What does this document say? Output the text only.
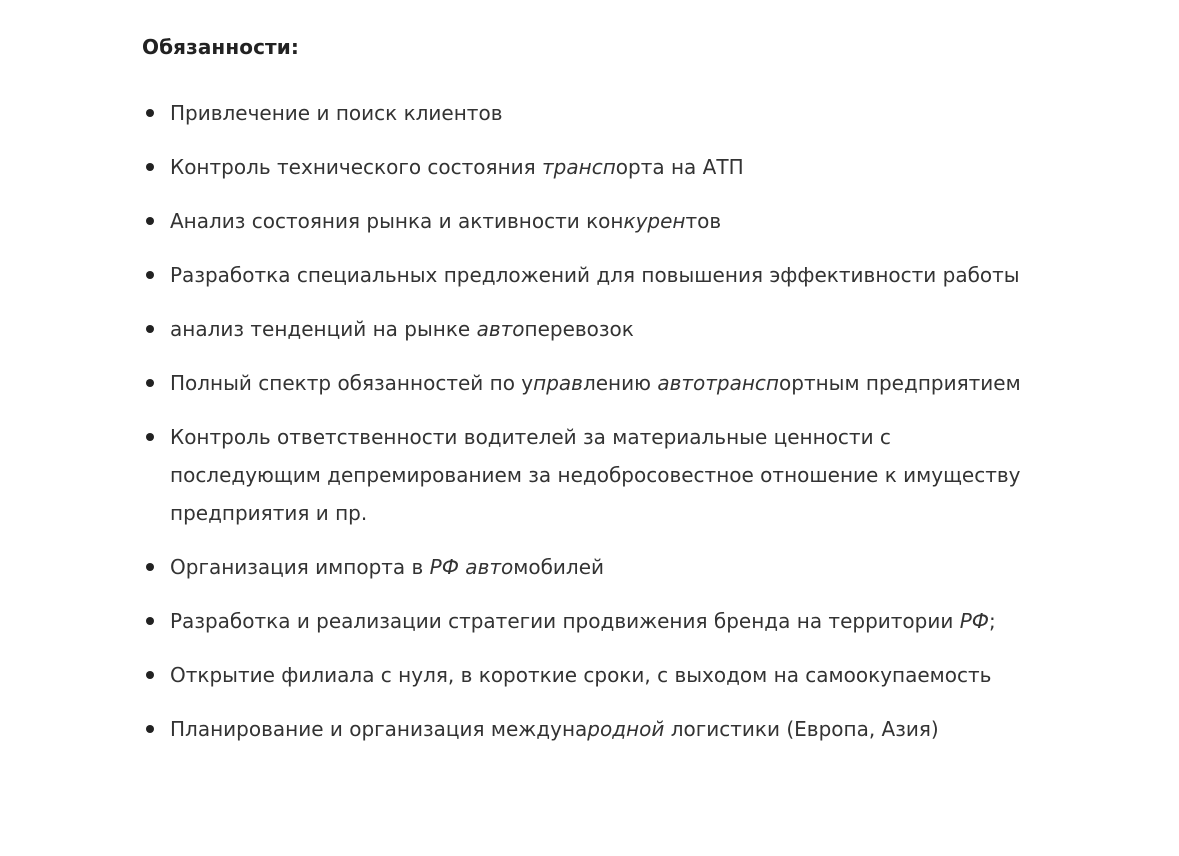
Обязанности:
Привлечение и поиск клиентов
Контроль технического состояния транспорта на АТП
Анализ состояния рынка и активности конкурентов
Разработка специальных предложений для повышения эффективности работы
анализ тенденций на рынке автоперевозок
Полный спектр обязанностей по управлению автотранспортным предприятием
Контроль ответственности водителей за материальные ценности с последующим депремированием за недобросовестное отношение к имуществу предприятия и пр.
Организация импорта в РФ автомобилей
Разработка и реализации стратегии продвижения бренда на территории РФ;
Открытие филиала с нуля, в короткие сроки, с выходом на самоокупаемость
Планирование и организация международной логистики (Европа, Азия)
